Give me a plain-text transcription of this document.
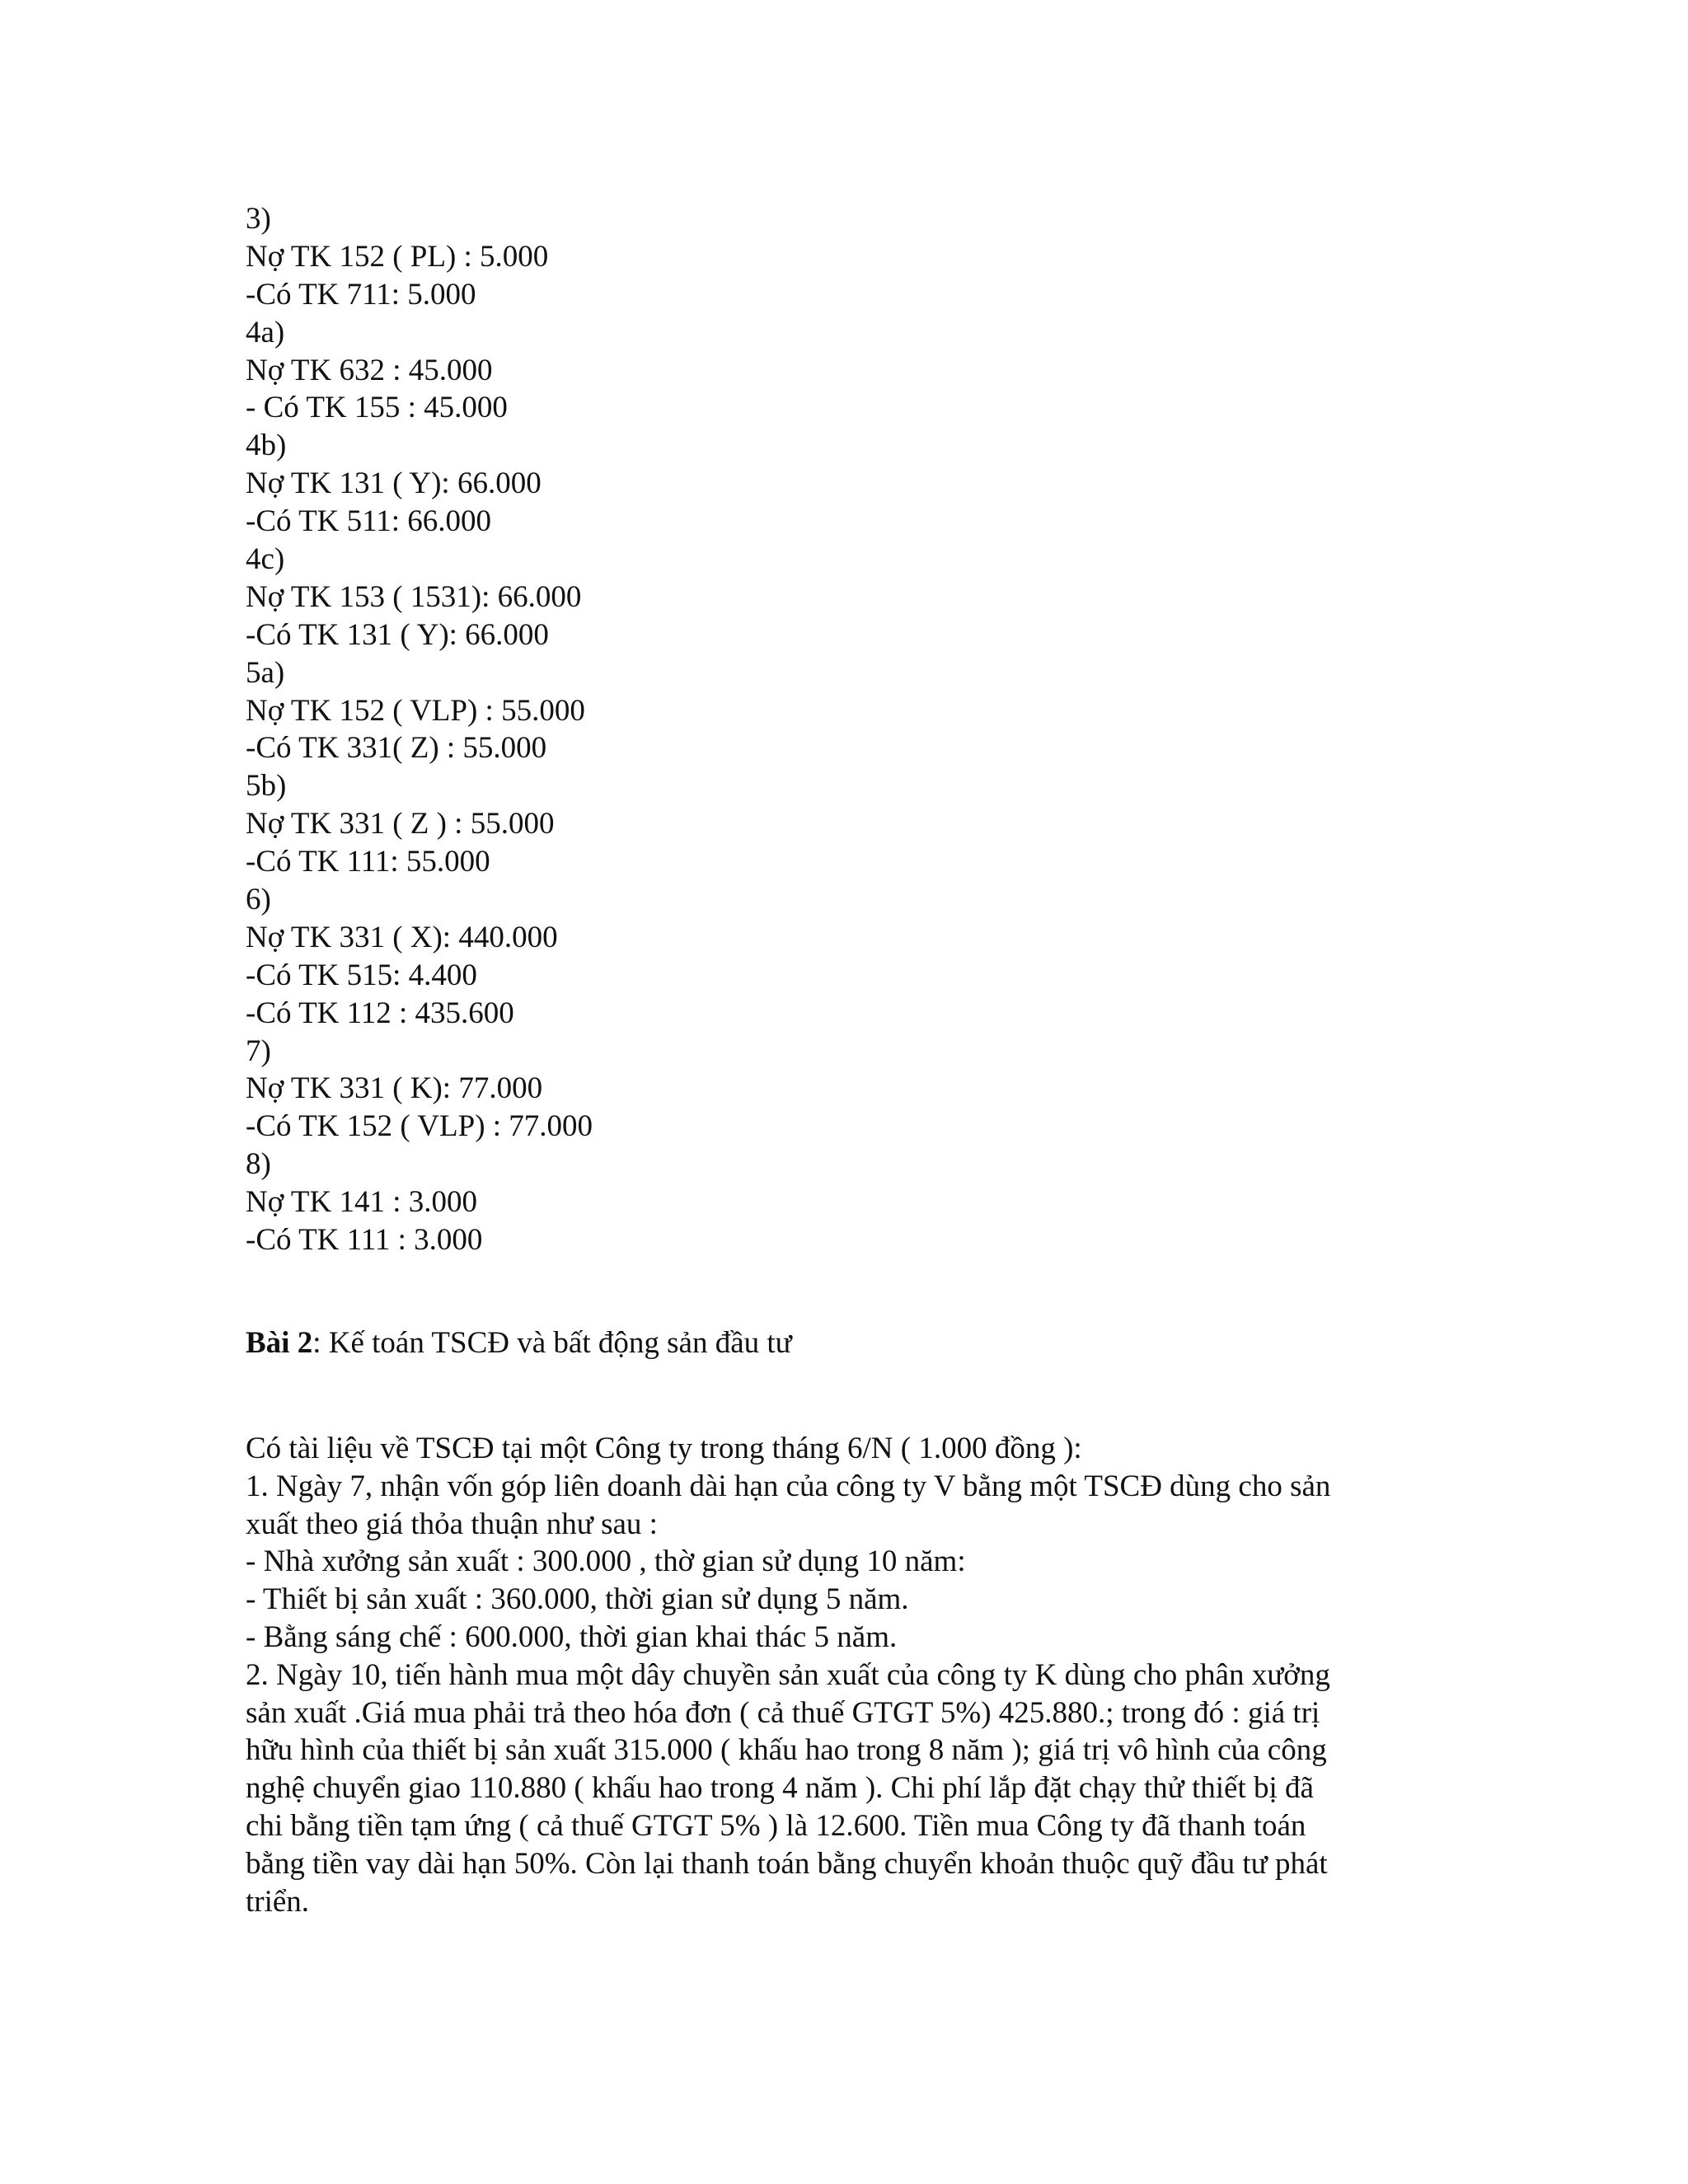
3)
Nợ TK 152 ( PL) : 5.000
-Có TK 711: 5.000
4a)
Nợ TK 632 : 45.000
- Có TK 155 : 45.000
4b)
Nợ TK 131 ( Y): 66.000
-Có TK 511: 66.000
4c)
Nợ TK 153 ( 1531): 66.000
-Có TK 131 ( Y): 66.000
5a)
Nợ TK 152 ( VLP) : 55.000
-Có TK 331( Z) : 55.000
5b)
Nợ TK 331 ( Z ) : 55.000
-Có TK 111: 55.000
6)
Nợ TK 331 ( X): 440.000
-Có TK 515: 4.400
-Có TK 112 : 435.600
7)
Nợ TK 331 ( K): 77.000
-Có TK 152 ( VLP) : 77.000
8)
Nợ TK 141 : 3.000
-Có TK 111 : 3.000
Bài 2: Kế toán TSCĐ và bất động sản đầu tư
Có tài liệu về TSCĐ tại một Công ty trong tháng 6/N ( 1.000 đồng ):
1. Ngày 7, nhận vốn góp liên doanh dài hạn của công ty V bằng một TSCĐ dùng cho sản
xuất theo giá thỏa thuận như sau :
- Nhà xưởng sản xuất : 300.000 , thờ gian sử dụng 10 năm:
- Thiết bị sản xuất : 360.000, thời gian sử dụng 5 năm.
- Bằng sáng chế : 600.000, thời gian khai thác 5 năm.
2. Ngày 10, tiến hành mua một dây chuyền sản xuất của công ty K dùng cho phân xưởng
sản xuất .Giá mua phải trả theo hóa đơn ( cả thuế GTGT 5%) 425.880.; trong đó : giá trị
hữu hình của thiết bị sản xuất 315.000 ( khấu hao trong 8 năm ); giá trị vô hình của công
nghệ chuyển giao 110.880 ( khấu hao trong 4 năm ). Chi phí lắp đặt chạy thử thiết bị đã
chi bằng tiền tạm ứng ( cả thuế GTGT 5% ) là 12.600. Tiền mua Công ty đã thanh toán
bằng tiền vay dài hạn 50%. Còn lại thanh toán bằng chuyển khoản thuộc quỹ đầu tư phát
triển.
